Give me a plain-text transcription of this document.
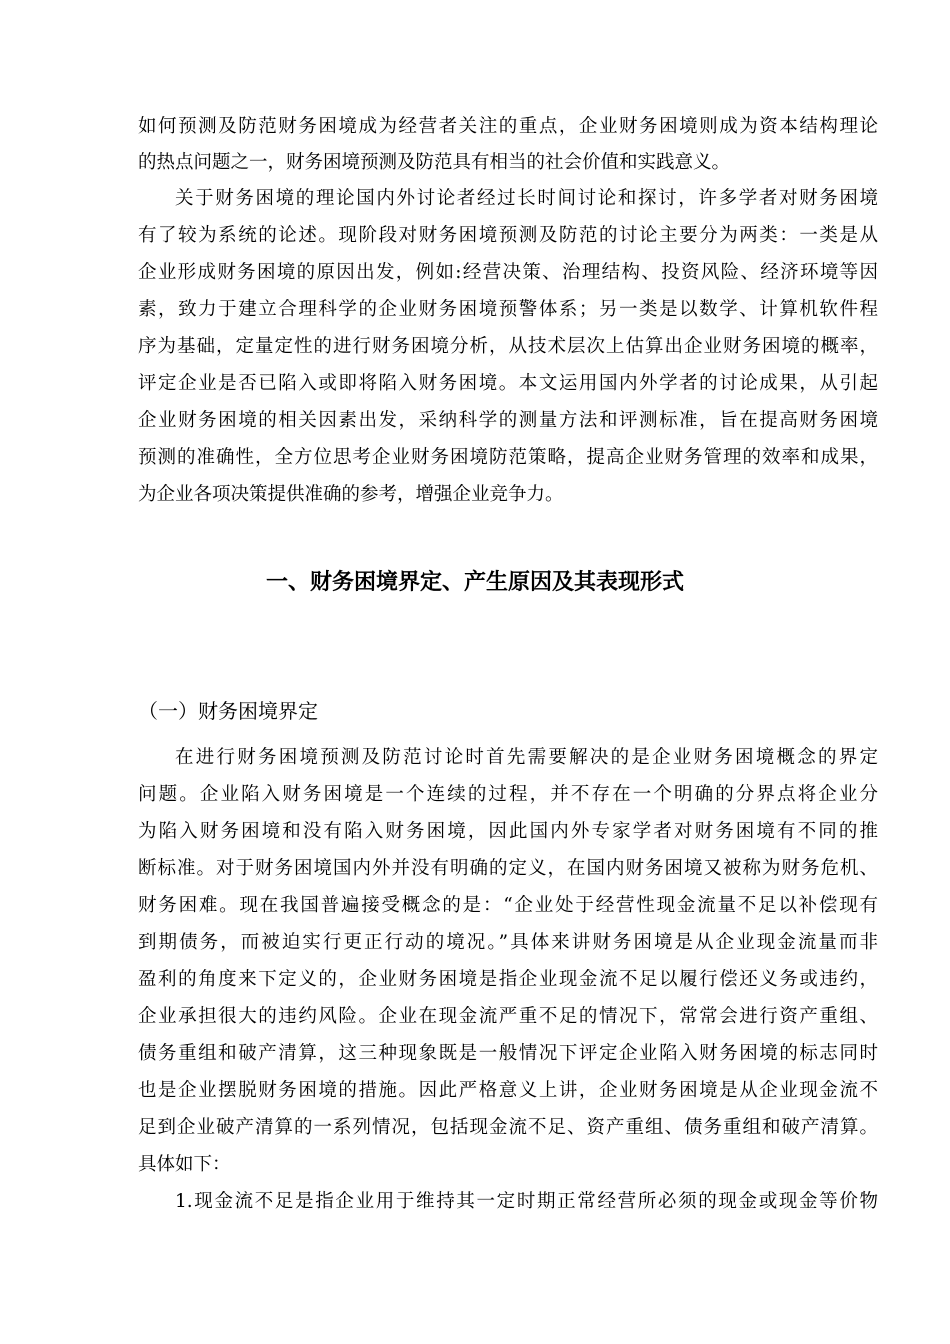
如何预测及防范财务困境成为经营者关注的重点，企业财务困境则成为资本结构理论
的热点问题之一，财务困境预测及防范具有相当的社会价值和实践意义。
关于财务困境的理论国内外讨论者经过长时间讨论和探讨，许多学者对财务困境
有了较为系统的论述。现阶段对财务困境预测及防范的讨论主要分为两类：一类是从
企业形成财务困境的原因出发，例如:经营决策、治理结构、投资风险、经济环境等因
素，致力于建立合理科学的企业财务困境预警体系；另一类是以数学、计算机软件程
序为基础，定量定性的进行财务困境分析，从技术层次上估算出企业财务困境的概率，
评定企业是否已陷入或即将陷入财务困境。本文运用国内外学者的讨论成果，从引起
企业财务困境的相关因素出发，采纳科学的测量方法和评测标准，旨在提高财务困境
预测的准确性，全方位思考企业财务困境防范策略，提高企业财务管理的效率和成果，
为企业各项决策提供准确的参考，增强企业竞争力。
一、财务困境界定、产生原因及其表现形式
（一）财务困境界定
在进行财务困境预测及防范讨论时首先需要解决的是企业财务困境概念的界定
问题。企业陷入财务困境是一个连续的过程，并不存在一个明确的分界点将企业分
为陷入财务困境和没有陷入财务困境，因此国内外专家学者对财务困境有不同的推
断标准。对于财务困境国内外并没有明确的定义，在国内财务困境又被称为财务危机、
财务困难。现在我国普遍接受概念的是：“企业处于经营性现金流量不足以补偿现有
到期债务，而被迫实行更正行动的境况。”具体来讲财务困境是从企业现金流量而非
盈利的角度来下定义的，企业财务困境是指企业现金流不足以履行偿还义务或违约，
企业承担很大的违约风险。企业在现金流严重不足的情况下，常常会进行资产重组、
债务重组和破产清算，这三种现象既是一般情况下评定企业陷入财务困境的标志同时
也是企业摆脱财务困境的措施。因此严格意义上讲，企业财务困境是从企业现金流不
足到企业破产清算的一系列情况，包括现金流不足、资产重组、债务重组和破产清算。
具体如下：
1.现金流不足是指企业用于维持其一定时期正常经营所必须的现金或现金等价物
